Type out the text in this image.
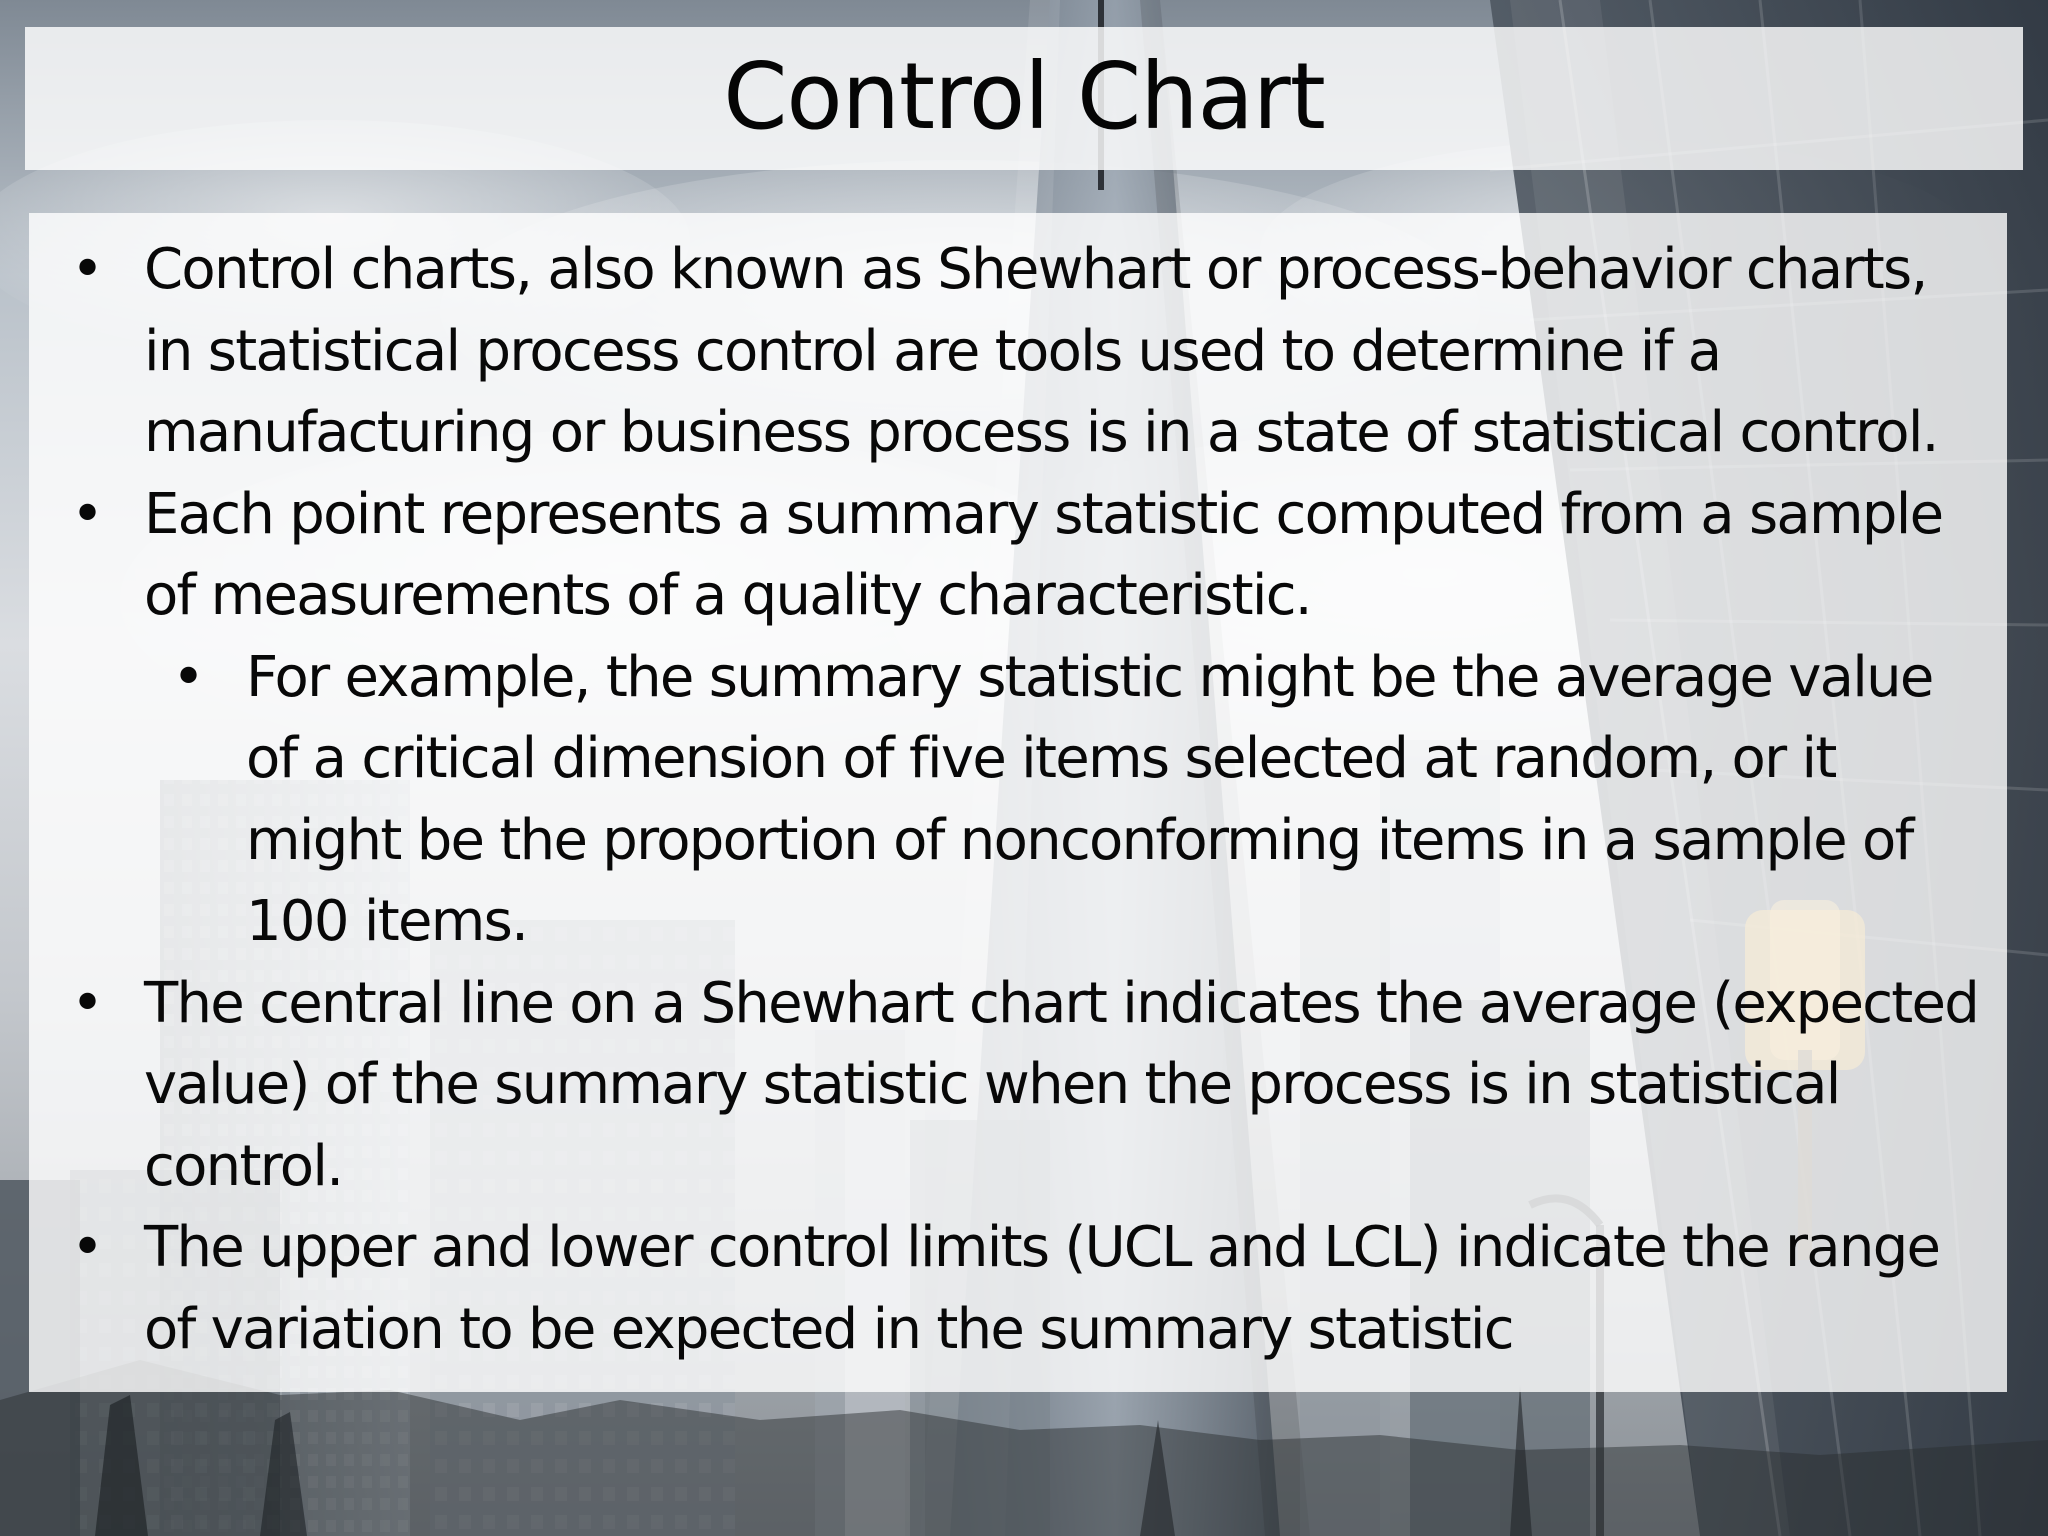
Control Chart
• Control charts, also known as Shewhart or process-behavior charts, in statistical process control are tools used to determine if a manufacturing or business process is in a state of statistical control.
• Each point represents a summary statistic computed from a sample of measurements of a quality characteristic.
• For example, the summary statistic might be the average value of a critical dimension of five items selected at random, or it might be the proportion of nonconforming items in a sample of 100 items.
• The central line on a Shewhart chart indicates the average (expected value) of the summary statistic when the process is in statistical control.
• The upper and lower control limits (UCL and LCL) indicate the range of variation to be expected in the summary statistic
